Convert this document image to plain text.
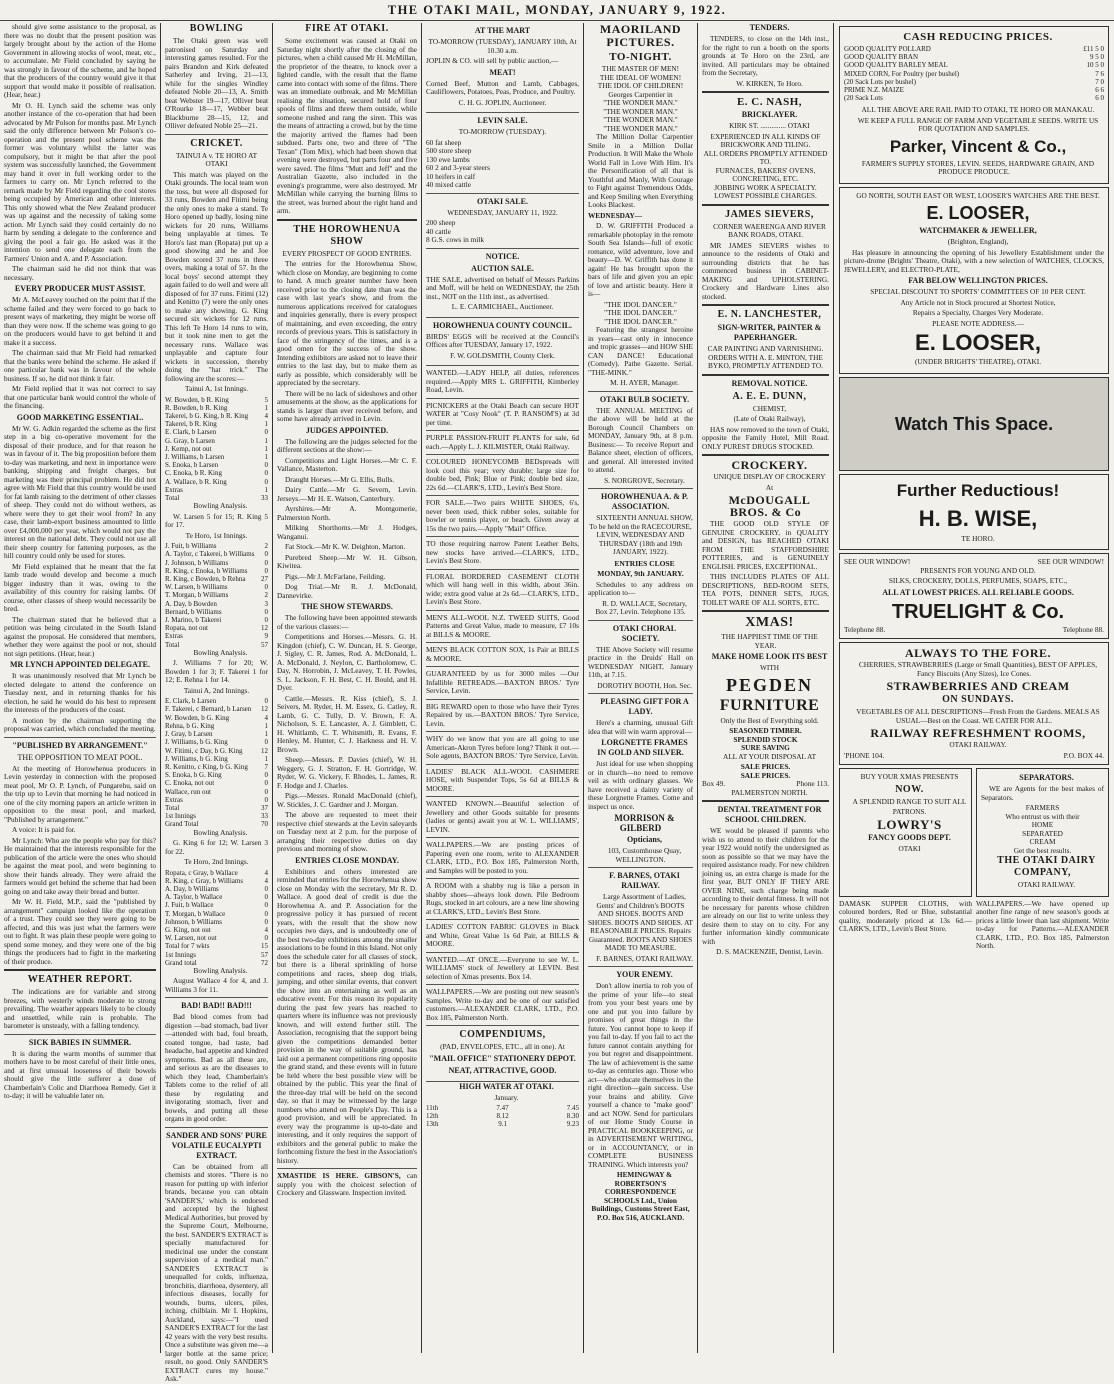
THE OTAKI MAIL, MONDAY, JANUARY 9, 1922.

should give some assistance to the proposal, as there was no doubt that the present position was largely brought about by the action of the Home Government in allowing stocks of wool, meat, etc., to accumulate. Mr Field concluded by saying he was strongly in favour of the scheme, and he hoped that the producers of the country would give it that support that would make it possible of realisation. (Hear, hear.)

Mr O. H. Lynch said the scheme was only another instance of the co-operation that had been advocated by Mr Polson for months past. Mr Lynch said the only difference between Mr Polson's co-operation and the present pool scheme was the former was voluntary whilst the latter was compulsory, but it might be that after the pool system was successfully launched, the Government may hand it over in full working order to the farmers to carry on. Mr Lynch referred to the remark made by Mr Field regarding the cool stores being occupied by American and other interests. This only showed what the New Zealand producer was up against and the necessity of taking some action. Mr Lynch said they could certainly do no harm by sending a delegate to the conference and giving the pool a fair go. He asked was it the intention to send one delegate each from the Farmers' Union and A. and P. Association.

The chairman said he did not think that was necessary.

EVERY PRODUCER MUST ASSIST.

Mr A. McLeavey touched on the point that if the scheme failed and they were forced to go back to present ways of marketing, they might be worse off than they were now. If the scheme was going to go on the producers would have to get behind it and make it a success.

The chairman said that Mr Field had remarked that the banks were behind the scheme. He asked if one particular bank was in favour of the whole business. If so, he did not think it fair.

Mr Field replied that it was not correct to say that one particular bank would control the whole of the financing.

GOOD MARKETING ESSENTIAL.

Mr W. G. Adkin regarded the scheme as the first step in a big co-operative movement for the disposal of their produce, and for that reason he was in favour of it. The big proposition before them to-day was marketing, and next in importance were banking, shipping and freight charges, but marketing was their principal problem. He did not agree with Mr Field that this country would be used for fat lamb raising to the detriment of other classes of sheep. They could not do without wethers, as where were they to get their wool from? In any case, their lamb-export business amounted to little over £4,000,000 per year, which would not pay the interest on the national debt. They could not use all their sheep country for fattening purposes, as the hill country could only be used for stores.

Mr Field explained that he meant that the fat lamb trade would develop and become a much bigger industry than it was, owing to the availability of this country for raising lambs. Of course, other classes of sheep would necessarily be bred.

The chairman stated that he believed that a petition was being circulated in the South Island against the proposal. He considered that members, whether they were against the pool or not, should not sign petitions. (Hear, hear.)

MR LYNCH APPOINTED DELEGATE.

It was unanimously resolved that Mr Lynch be elected delegate to attend the conference on Tuesday next, and in returning thanks for his election, he said he would do his best to represent the interests of the producers of the coast.

A motion by the chairman supporting the proposal was carried, which concluded the meeting.

"PUBLISHED BY ARRANGEMENT."

THE OPPOSITION TO MEAT POOL.

At the meeting of Horowhenua producers in Levin yesterday in connection with the proposed meat pool, Mr O. P. Lynch, of Pungarehu, said on the trip up to Levin that morning he had noticed in one of the city morning papers an article written in opposition to the meat pool, and marked, "Published by arrangement."

A voice: It is paid for.

Mr Lynch: Who are the people who pay for this? He maintained that the interests responsible for the publication of the article were the ones who should be against the meat pool, and were beginning to show their hands already. They were afraid the farmers would get behind the scheme that had been going on and take away their bread and butter.

Mr W. H. Field, M.P., said the "published by arrangement" campaign looked like the operation of a trust. They could see they were going to be affected, and this was just what the farmers were out to fight. It was plain these people were going to spend some money, and they were one of the big things the producers had to fight in the marketing of their produce.

WEATHER REPORT.

The indications are for variable and strong breezes, with westerly winds moderate to strong prevailing. The weather appears likely to be cloudy and unsettled, while rain is probable. The barometer is unsteady, with a falling tendency.

SICK BABIES IN SUMMER.

It is during the warm months of summer that mothers have to be most careful of their little ones, and at first unusual looseness of their bowels should give the little sufferer a dose of Chamberlain's Colic and Diarrhoea Remedy. Get it to-day; it will be valuable later on.

BOWLING

The Otaki green was well patronised on Saturday and interesting games resulted. For the pairs Brandon and Kirk defeated Satherley and Irving, 21—13, while for the singles Windley defeated Noble 20—13, A. Smith beat Webster 19—17, Olliver beat O'Rourke 18—17, Webber beat Blackburne 28—15, 12, and Olliver defeated Noble 25—21.

CRICKET.

TAINUI A v. TE HORO AT OTAKI

This match was played on the Otaki grounds. The local team won the toss, but were all disposed for 33 runs, Bowden and Fitimi being the only ones to make a stand. Te Horo opened up badly, losing nine wickets for 20 runs, Williams being unplayable at times. Te Horo's last man (Ropata) put up a good showing and he and Joe Bowden scored 37 runs in three overs, making a total of 57. In the local boys' second attempt they again failed to do well and were all disposed of for 37 runs. Fitimi (12) and Kenitto (7) were the only ones to make any showing. G. King secured six wickets for 12 runs. This left Te Horo 14 runs to win, but it took nine men to get the necessary runs. Wallace was unplayable and capture four wickets in succession, thereby doing the "hat trick." The following are the scores:—

Tainui A, 1st Innings.

W. Bowden, b R. King	5
R. Bowden, b R. King	1
Takerei, b G. King, b R. King 4
Takerei, b R. King	1
E. Clark, b Larsen	0
G. Gray, b Larsen	1
J. Kemp, not out	1
J. Williams, b Larsen	1
S. Enoka, b Larsen	0
C. Enoka, b R. King	0
A. Wallace, b R. King	0
Extras	1
Total	33

Bowling Analysis.

W. Larsen 5 for 15; R. King 5 for 17.

Te Horo, 1st Innings.

J. Fuit, b Williams	2
A. Taylor, c Takerei, b Williams 0
J. Johnson, b Williams	0
R. King, c Enoka, b Williams 0
R. King, c Bowden, b Rehna 27
W. Larsen, b Williams	0
T. Morgan, b Williams	2
A. Day, b Bowden	3
Bernard, b Williams	0
J. Marino, b Takerei	0
Ropata, not out	12
Extras	9
Total	57

Bowling Analysis.

J. Williams 7 for 20; W. Bowden 1 for 3; F. Takerei 1 for 12; E. Rehna 1 for 14.

Tainui A, 2nd Innings.

E. Clark, b Larsen	0
F. Takerei, c Bernard, b Larsen 12
W. Bowden, b G. King	4
Rehna, b G. King	1
J. Gray, b Larsen	1
J. Williams, b G. King	0
W. Fitimi, c Day, b G. King	12
J. Williams, b G. King	1
R. Kenitto, c King, b G. King 7
S. Enoka, b G. King	0
C. Enoka, not out	0
Wallace, run out	0
Extras	0
Total	37
1st Innings	33
Grand Total	70

Bowling Analysis.

G. King 6 for 12; W. Larsen 3 for 22.

Te Horo, 2nd Innings.

Ropata, c Gray, b Wallace	4
R. King, c Gray, b Williams	4
A. Day, b Williams	0
A. Taylor, b Wallace	0
J. Fuit, b Wallace	0
T. Morgan, b Wallace	0
Johnson, b Williams	0
G. King, not out	4
W. Larsen, not out	0
Total for 7 wkts	15
1st Innings	57
Grand total	72

Bowling Analysis.

August Wallace 4 for 4, and J. Williams 3 for 11.

BAD! BAD!! BAD!!!

Bad blood comes from bad digestion —bad stomach, bad liver—attended with bad, foul breath, coated tongue, bad taste, bad headache, bad appetite and kindred symptoms. Bad as all these are, and serious as are the diseases to which they lead, Chamberlain's Tablets come to the relief of all these by regulating and invigorating stomach, liver and bowels, and putting all these organs in good order.

SANDER AND SONS' PURE VOLATILE EUCALYPTI EXTRACT.

Can be obtained from all chemists and stores. "There is no reason for putting up with inferior brands, because you can obtain 'SANDER'S,' which is endorsed and accepted by the highest Medical Authorities, but proved by the Supreme Court, Melbourne, the best. SANDER'S EXTRACT is specially manufactured for medicinal use under the constant supervision of a medical man." SANDER'S EXTRACT is unequalled for colds, influenza, bronchitis, diarrhoea, dysentery, all infectious diseases, locally for wounds, burns, ulcers, piles, itching, chilblain. Mr I. Hopkins, Auckland, says:—"I used SANDER'S EXTRACT for the last 42 years with the very best results. Once a substitute was given me—a larger bottle at the same price; result, no good. Only SANDER'S EXTRACT cures my house." Ask."

FIRE AT OTAKI.

Some excitement was caused at Otaki on Saturday night shortly after the closing of the pictures, when a child caused Mr H. McMillan, the proprietor of the theatre, to knock over a lighted candle, with the result that the flame came into contact with some of the films. There was an immediate outbreak, and Mr McMillan realising the situation, secured hold of four spools of films and threw them outside, while someone rushed and rang the siren. This was the means of attracting a crowd, but by the time the majority arrived the flames had been subdued. Parts one, two and three of "The Texan" (Tom Mix), which had been shown that evening were destroyed, but parts four and five were saved. The films "Mutt and Jeff" and the Australian Gazette, also included in the evening's programme, were also destroyed. Mr McMillan while carrying the burning films to the street, was burned about the right hand and arm.

THE HOROWHENUA SHOW

EVERY PROSPECT OF GOOD ENTRIES.

The entries for the Horowhenua Show, which close on Monday, are beginning to come to hand. A much greater number have been received prior to the closing date than was the case with last year's show, and from the numerous applications received for catalogues and inquiries generally, there is every prospect of maintaining, and even exceeding, the entry records of previous years. This is satisfactory in face of the stringency of the times, and is a good omen for the success of the show. Intending exhibitors are asked not to leave their entries to the last day, but to make them as early as possible, which considerably will be appreciated by the secretary.

There will be no lack of sideshows and other amusements at the show, as the applications for stands is larger than ever received before, and some have already arrived in Levin.

JUDGES APPOINTED.

The following are the judges selected for the different sections at the show:—

Competitions and Light Horses.—Mr C. F. Vallance, Masterton.

Draught Horses.—Mr G. Ellis, Bulls.

Dairy Cattle.—Mr G. Severn, Levin. Jerseys.—Mr H. E. Watson, Canterbury.

Ayrshires.—Mr A. Montgomerie, Palmerston North.

Milking Shorthorns.—Mr J. Hodges, Wanganui.

Fat Stock.—Mr K. W. Deighton, Marton.

Purebred Sheep.—Mr W. H. Gibson, Kiwitea.

Pigs.—Mr J. McFarlane, Feilding.

Dog Trial.—Mr R. J. McDonald, Dannevirke.

THE SHOW STEWARDS.

The following have been appointed stewards of the various classes:—

Competitions and Horses.—Messrs. G. H. Kingdon (chief), C. W. Duncan, H. S. George, J. Sigley, C. R. James, Rod. A. McDonald, L. A. McDonald, J. Neylon, C. Bartholomew, C. Day, N. Horrobin, J. McLeavey, T. H. Powles, S. L. Jackson, F. H. Best, C. H. Bould, and H. Dyer.

Cattle.—Messrs. R. Kiss (chief), S. J. Seivers, M. Ryder, H. M. Essex, G. Catley, R. Lamb, G. C. Tully, D. V. Brown, F. A. Nicholson, S. E. Lancaster, A. J. Gimblett, C. H. Whitlamb, C. T. Whitsmith, R. Evans, F. Henley, M. Hunter, C. J. Harkness and H. V. Brown.

Sheep.—Messrs. P. Davies (chief), W. H. Weggery, G. J. Stratton, F. H. Gortridge, W. Ryder, W. G. Vickery, F. Rhodes, L. James, R. F. Hodge and J. Charles.

Pigs.—Messrs. Ronald MacDonald (chief), W. Stickles, J. C. Gardner and J. Morgan.

The above are requested to meet their respective chief stewards at the Levin saleyards on Tuesday next at 2 p.m. for the purpose of arranging their respective duties on day previous and morning of show.

ENTRIES CLOSE MONDAY.

Exhibitors and others interested are reminded that entries for the Horowhenua show close on Monday with the secretary, Mr R. D. Wallace. A good deal of credit is due the Horowhenua A. and P. Association for the progressive policy it has pursued of recent years, with the result that the show now occupies two days, and is undoubtedly one of the best two-day exhibitions among the smaller associations to be found in this Island. Not only does the schedule cater for all classes of stock, but there is a liberal sprinkling of horse competitions and races, sheep dog trials, jumping, and other similar events, that convert the show into an entertaining as well as an educative event. For this reason its popularity during the past few years has reached to quarters where its influence was not previously known, and will extend further still. The Association, recognising that the support being given the competitions demanded better provision in the way of suitable ground, has laid out a permanent competitions ring opposite the grand stand, and these events will in future be held where the best possible view will be obtained by the public. This year the final of the three-day trial will be held on the second day, so that it may be witnessed by the large numbers who attend on People's Day. This is a good provision, and will be appreciated. In every way the programme is up-to-date and interesting, and it only requires the support of exhibitors and the general public to make the forthcoming fixture the best in the Association's history.

XMASTIDE IS HERE. GIBSON'S, can supply you with the choicest selection of Crockery and Glassware. Inspection invited.

AT THE MART

TO-MORROW (TUESDAY), JANUARY 10th, At 10.30 a.m.

JOPLIN & CO. will sell by public auction,—

MEAT!

Corned Beef, Mutton and Lamb, Cabbages, Cauliflowers, Potatoes, Peas, Produce, and Poultry.

C. H. G. JOPLIN, Auctioneer.

LEVIN SALE.

TO-MORROW (TUESDAY).

60 fat sheep
500 store sheep
130 ewe lambs
60 2 and 3-year steers
10 heifers in calf
40 mixed cattle

OTAKI SALE.

WEDNESDAY, JANUARY 11, 1922.

200 sheep
40 cattle
8 G.S. cows in milk

NOTICE.

AUCTION SALE.

THE SALE, advertised on behalf of Messrs Parkins and Moff, will be held on WEDNESDAY, the 25th inst., NOT on the 11th inst., as advertised.

L. E. CARMICHAEL, Auctioneer.

HOROWHENUA COUNTY COUNCIL.

BIRDS' EGGS will be received at the Council's Offices after TUESDAY, January 17, 1922.

F. W. GOLDSMITH, County Clerk.

WANTED.—LADY HELP, all duties, references required.—Apply MRS L. GRIFFITH, Kimberley Road, Levin.
PICNICKERS at the Otaki Beach can secure HOT WATER at "Cosy Nook" (T. P. RANSOM'S) at 3d per time.
PURPLE PASSION-FRUIT PLANTS for sale, 6d each.—Apply L. J. KILMISTER, Otaki Railway.
COLOURED HONEYCOMB BEDspreads will look cool this year; very durable; large size for double bed, Pink; Blue or Pink; double bed size, 22s 6d.—CLARK'S, LTD., Levin's Best Store.
FOR SALE.—Two pairs WHITE SHOES, 6's, never been used, thick rubber soles, suitable for bowler or tennis player, or beach. Given away at 15s the two pairs.—Apply "Mail" Office.
TO those requiring narrow Patent Leather Belts, new stocks have arrived.—CLARK'S, LTD., Levin's Best Store.
FLORAL BORDERED CASEMENT CLOTH which will hang well in this width, about 36in. wide; extra good value at 2s 6d.—CLARK'S, LTD., Levin's Best Store.
MEN'S ALL-WOOL N.Z. TWEED SUITS, Good Patterns and Great Value, made to measure, £7 10s at BILLS & MOORE.
MEN'S BLACK COTTON SOX, 1s Pair at BILLS & MOORE.
GUARANTEED by us for 3000 miles —Our Infallible RETREADS.—BAXTON BROS.' Tyre Service, Levin.
BIG REWARD open to those who have their Tyres Repaired by us.—BAXTON BROS.' Tyre Service, Levin.
WHY do we know that you are all going to use American-Akron Tyres before long? Think it out.—Sole agents, BAXTON BROS.' Tyre Service, Levin.
LADIES' BLACK ALL-WOOL CASHMERE HOSE, with Suspender Tops, 5s 6d at BILLS & MOORE.
WANTED KNOWN.—Beautiful selection of Jewellery and other Goods suitable for presents (ladies or gents) await you at W. L. WILLIAMS', LEVIN.
WALLPAPERS.—We are posting prices of Papering even one room, write to ALEXANDER CLARK, LTD., P.O. Box 185, Palmerston North, and Samples will be posted to you.
A ROOM with a shabby rug is like a person in shabby shoes—always look down. Pile Bedroom Rugs, stocked in art colours, are a new line showing at CLARK'S, LTD., Levin's Best Store.
LADIES' COTTON FABRIC GLOVES in Black and White, Great Value 1s 6d Pair, at BILLS & MOORE.
WANTED.—AT ONCE.—Everyone to see W. L. WILLIAMS' stock of Jewellery at LEVIN. Best selection of Xmas presents. Box 14.
WALLPAPERS.—We are posting out new season's Samples. Write to-day and be one of our satisfied customers.—ALEXANDER CLARK, LTD., P.O. Box 185, Palmerston North.

COMPENDIUMS,

(PAD, ENVELOPES, ETC., all in one). At

"MAIL OFFICE" STATIONERY DEPOT.

NEAT, ATTRACTIVE, GOOD.

HIGH WATER AT OTAKI.

January.

11th	7.47	7.45
12th	8.12	8.30
13th	9.1	9.23

MAORILAND PICTURES.

TO-NIGHT.

THE MASTER OF MEN!
THE IDEAL OF WOMEN!
THE IDOL OF CHILDREN!
Georges Carpentier in
"THE WONDER MAN."
"THE WONDER MAN."
"THE WONDER MAN."
"THE WONDER MAN."

The Million Dollar Carpentier Smile in a Million Dollar Production. It Will Make the Whole World Fall in Love With Him. It's the Personification of all that is Youthful and Manly, With Courage to Fight against Tremendous Odds, and Keep Smiling when Everything Looks Blackest.

WEDNESDAY—

D. W. GRIFFITH Produced a remarkable photoplay in the remote South Sea Islands—full of exotic romance, wild adventure, love and beauty—D. W. Griffith has done it again! He has brought upon the bars of life and given you an epic of love and artistic beauty. Here it is—

"THE IDOL DANCER."
"THE IDOL DANCER."
"THE IDOL DANCER."

Featuring the strangest heroine in years—cast only in innocence and tropic grasses—and HOW SHE CAN DANCE! Educational (Comedy). Pathe Gazette. Serial. "THE-MINK."

M. H. AYER, Manager.

OTAKI BULB SOCIETY.

THE ANNUAL MEETING of the above will be held at the Borough Council Chambers on MONDAY, January 9th, at 8 p.m. Business:— To receive Report and Balance sheet, election of officers, and general. All interested invited to attend.

S. NORGROVE, Secretary.

HOROWHENUA A. & P. ASSOCIATION.

SIXTEENTH ANNUAL SHOW, To be held on the RACECOURSE, LEVIN, WEDNESDAY AND THURSDAY (18th and 19th JANUARY, 1922).

ENTRIES CLOSE MONDAY, 9th JANUARY.

Schedules to any address on application to—

R. D. WALLACE, Secretary, Box 27, Levin. Telephone 135.

OTAKI CHORAL SOCIETY.

THE Above Society will resume practice in the Druids' Hall on WEDNESDAY NIGHT, January 11th, at 7.15.

DOROTHY BOOTH, Hon. Sec.

PLEASING GIFT FOR A LADY.

Here's a charming, unusual Gift idea that will win warm approval—

LORGNETTE FRAMES IN GOLD AND SILVER.

Just ideal for use when shopping or in church—no need to remove veil as with ordinary glasses. We have received a dainty variety of these Lorgnette Frames. Come and inspect us once.

MORRISON & GILBERD

Opticians,

103, Customhouse Quay, WELLINGTON.

F. BARNES, OTAKI RAILWAY.

Large Assortment of Ladies, Gents' and Children's BOOTS AND SHOES. BOOTS AND SHOES. BOOTS AND SHOES. AT REASONABLE PRICES. Repairs Guaranteed. BOOTS AND SHOES MADE TO MEASURE.

F. BARNES, OTAKI RAILWAY.

YOUR ENEMY.

Don't allow inertia to rob you of the prime of your life—to steal from you your best years one by one and put you into failure by promises of great things in the future. You cannot hope to keep if you fail to-day. If you fail to act the future cannot contain anything for you but regret and disappointment. The law of achievement is the same to-day as centuries ago. Those who act—who educate themselves in the right direction—gain success. Use your brains and ability. Give yourself a chance to "make good" and act NOW. Send for particulars of our Home Study Course in PRACTICAL BOOKKEEPING, or in ADVERTISEMENT WRITING, or in ACCOUNTANCY, or in COMPLETE BUSINESS TRAINING. Which interests you?

HEMINGWAY & ROBERTSON'S CORRESPONDENCE SCHOOLS Ltd., Union Buildings, Customs Street East, P.O. Box 516, AUCKLAND.

TENDERS.

TENDERS, to close on the 14th inst., for the right to run a booth on the sports grounds at Te Horo on the 23rd, are invited. All particulars may be obtained from the Secretary,

W. KIRKEN, Te Horo.

E. C. NASH,

BRICKLAYER.

KIRK ST. .............. OTAKI

EXPERIENCED IN ALL KINDS OF BRICKWORK AND TILING.
ALL ORDERS PROMPTLY ATTENDED TO.
FURNACES, BAKERS' OVENS, CONCRETING, ETC.
JOBBING WORK A SPECIALTY.
LOWEST POSSIBLE CHARGES.

JAMES SIEVERS,

CORNER WAERENGA AND RIVER BANK ROADS, OTAKI.

MR JAMES SIEVERS wishes to announce to the residents of Otaki and surrounding districts that he has commenced business in CABINET-MAKING and UPHOLSTERING. Crockery and Hardware Lines also stocked.

E. N. LANCHESTER,

SIGN-WRITER, PAINTER & PAPERHANGER.

CAR PAINTING AND VARNISHING.
ORDERS WITH A. E. MINTON, THE BYKO, PROMPTLY ATTENDED TO.

REMOVAL NOTICE.

A. E. E. DUNN,

CHEMIST,

(Late of Otaki Railway),

HAS now removed to the town of Otaki, opposite the Family Hotel, Mill Road. ONLY PUREST DRUGS STOCKED.

CROCKERY.

UNIQUE DISPLAY OF CROCKERY

At

McDOUGALL BROS. & Co

THE GOOD OLD STYLE OF GENUINE CROCKERY, in QUALITY and DESIGN, has REACHED OTAKI FROM THE STAFFORDSHIRE POTTERIES, and is GENUINELY ENGLISH. PRICES, EXCEPTIONAL.

THIS INCLUDES PLATES OF ALL DESCRIPTIONS, BED-ROOM SETS, TEA POTS, DINNER SETS, JUGS, TOILET WARE OF ALL SORTS, ETC.

XMAS!

THE HAPPIEST TIME OF THE YEAR.

MAKE HOME LOOK ITS BEST

WITH

PEGDEN

FURNITURE

Only the Best of Everything sold.

SEASONED TIMBER.
SPLENDID STOCK
SURE SAVING

ALL AT YOUR DISPOSAL AT

SALE PRICES.
SALE PRICES.
Box 49.	Phone 113.

PALMERSTON NORTH.

DENTAL TREATMENT FOR SCHOOL CHILDREN.

WE would be pleased if parents who wish us to attend to their children for the year 1922 would notify the undersigned as soon as possible so that we may have the required assistance ready. For new children joining us, an extra charge is made for the first year, BUT ONLY IF THEY ARE OVER NINE, such charge being made according to their dental fitness. It will not be necessary for parents whose children are already on our list to write unless they desire them to stay on to city. For any further information kindly communicate with

D. S. MACKENZIE, Dentist, Levin.

CASH REDUCING PRICES.

GOOD QUALITY POLLARD	£11 5 0
GOOD QUALITY BRAN	9 5 0
GOOD QUALITY BARLEY MEAL	10 5 0
MIXED CORN, For Poultry (per bushel)	7 6
(20 Sack Lots per bushel)	7 0
PRIME N.Z. MAIZE	6 6
(20 Sack Lots	6 0

ALL THE ABOVE ARE RAIL PAID TO OTAKI, TE HORO OR MANAKAU.

WE KEEP A FULL RANGE OF FARM AND VEGETABLE SEEDS. WRITE US FOR QUOTATION AND SAMPLES.

Parker, Vincent & Co.,

FARMER'S SUPPLY STORES, LEVIN. SEEDS, HARDWARE GRAIN, AND PRODUCE PRODUCE.

GO NORTH, SOUTH EAST OR WEST, LOOSER'S WATCHES ARE THE BEST.

E. LOOSER,

WATCHMAKER & JEWELLER,

(Brighton, England),

Has pleasure in announcing the opening of his Jewellery Establishment under the picture-drome (Brights' Theatre, Otaki), with a new selection of WATCHES, CLOCKS, JEWELLERY, and ELECTRO-PLATE,

FAR BELOW WELLINGTON PRICES.

SPECIAL DISCOUNT TO SPORTS' COMMITTEES OF 10 PER CENT.

Any Article not in Stock procured at Shortest Notice,

Repairs a Specialty, Charges Very Moderate.

PLEASE NOTE ADDRESS.—

E. LOOSER,

(UNDER BRIGHTS' THEATRE), OTAKI.

Watch This Space.

Further Reductious!

H. B. WISE,

TE HORO.

SEE OUR WINDOW!	SEE OUR WINDOW!

PRESENTS FOR YOUNG AND OLD.

SILKS, CROCKERY, DOLLS, PERFUMES, SOAPS, ETC.,

ALL AT LOWEST PRICES. ALL RELIABLE GOODS.

TRUELIGHT & Co.

Telephone 88.	Telephone 88.

ALWAYS TO THE FORE.

CHERRIES, STRAWBERRIES (Large or Small Quantities), BEST OF APPLES, Fancy Biscuits (Any Sizes), Ice Cones.

STRAWBERRIES AND CREAM

ON SUNDAYS.

VEGETABLES OF ALL DESCRIPTIONS—Fresh From the Gardens. MEALS AS USUAL—Best on the Coast. WE CATER FOR ALL.

RAILWAY REFRESHMENT ROOMS,

OTAKI RAILWAY.

'PHONE 104.	P.O. BOX 44.

BUY YOUR XMAS PRESENTS

NOW.

A SPLENDID RANGE TO SUIT ALL

PATRONS.

LOWRY'S

FANCY GOODS DEPT.

OTAKI

SEPARATORS.

WE are Agents for the best makes of Separators.

FARMERS
Who entrust us with their
HOME
SEPARATED
CREAM
Get the best results.

THE OTAKI DAIRY COMPANY,

OTAKI RAILWAY.

DAMASK SUPPER CLOTHS, with coloured borders, Red or Blue, substantial quality, moderately priced at 13s 6d.—CLARK'S, LTD., Levin's Best Store.

WALLPAPERS.—We have opened up another fine range of new season's goods at prices a little lower than last shipment. Write to-day for Patterns.—ALEXANDER CLARK, LTD., P.O. Box 185, Palmerston North.
